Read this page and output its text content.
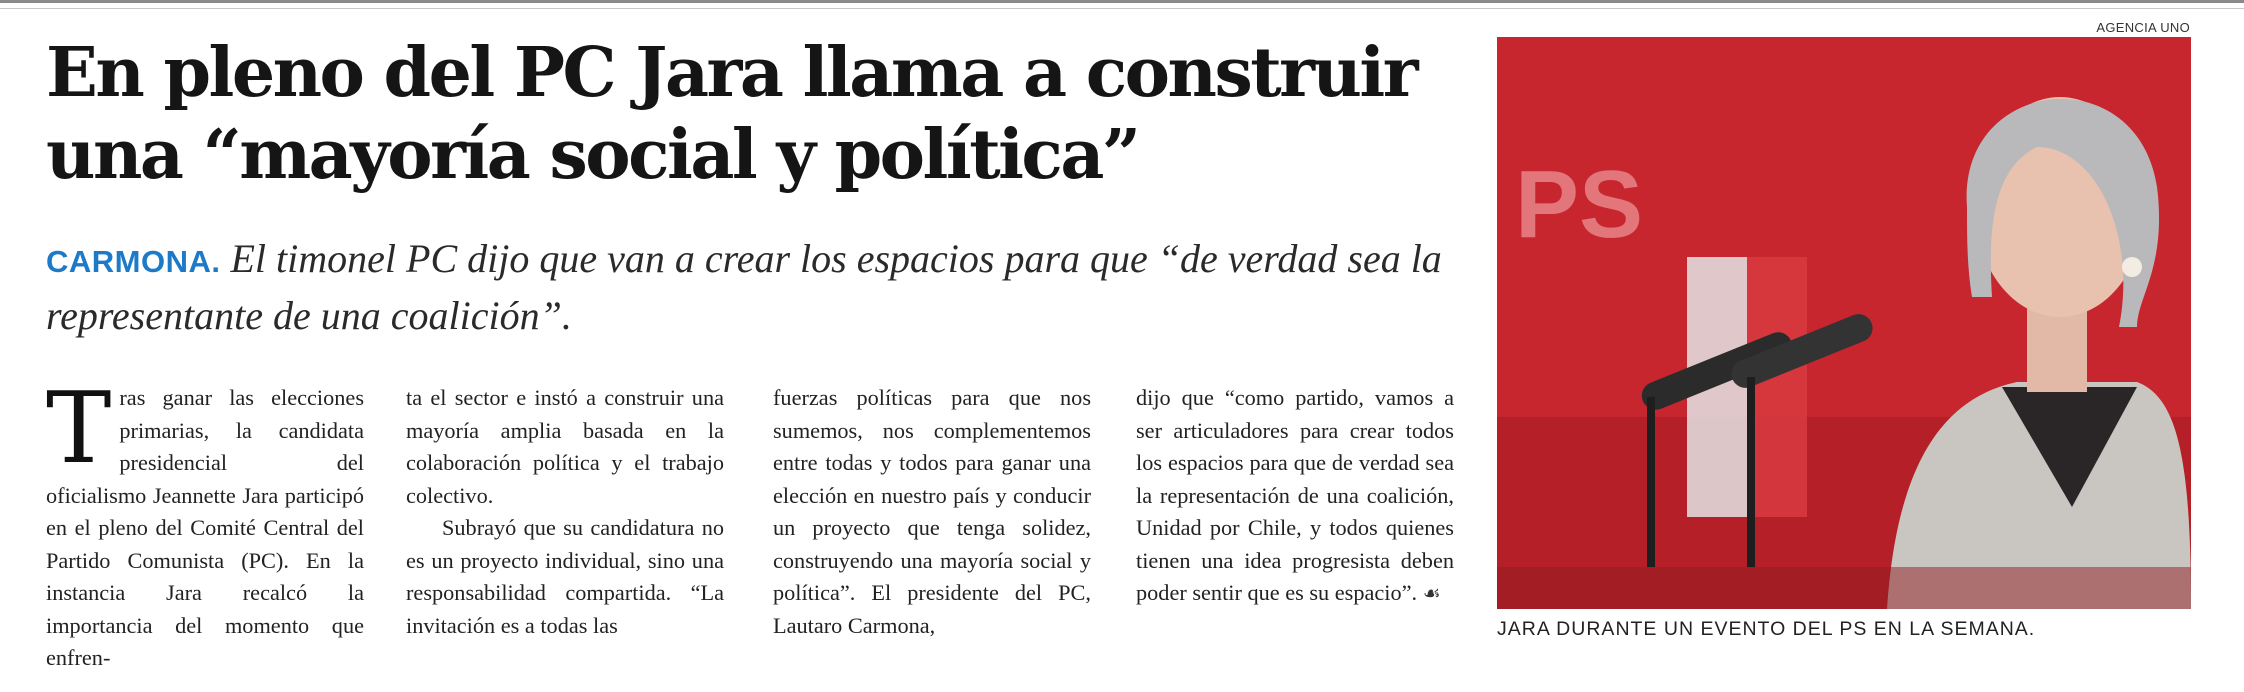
En pleno del PC Jara llama a construir
una “mayoría social y política”
CARMONA. El timonel PC dijo que van a crear los espacios para que “de verdad sea la representante de una coalición”.

Tras ganar las elecciones primarias, la candidata presidencial del oficialismo Jeannette Jara participó en el pleno del Comité Central del Partido Comunista (PC). En la instancia Jara recalcó la importancia del momento que enfren-

ta el sector e instó a construir una mayoría amplia basada en la colaboración política y el trabajo colectivo.

Subrayó que su candidatura no es un proyecto individual, sino una responsabilidad compartida. “La invitación es a todas las

fuerzas políticas para que nos sumemos, nos complementemos entre todas y todos para ganar una elección en nuestro país y conducir un proyecto que tenga solidez, construyendo una mayoría social y política”. El presidente del PC, Lautaro Carmona,

dijo que “como partido, vamos a ser articuladores para crear todos los espacios para que de verdad sea la representación de una coalición, Unidad por Chile, y todos quienes tienen una idea progresista deben poder sentir que es su espacio”. ☙

AGENCIA UNO
PS
JARA DURANTE UN EVENTO DEL PS EN LA SEMANA.
